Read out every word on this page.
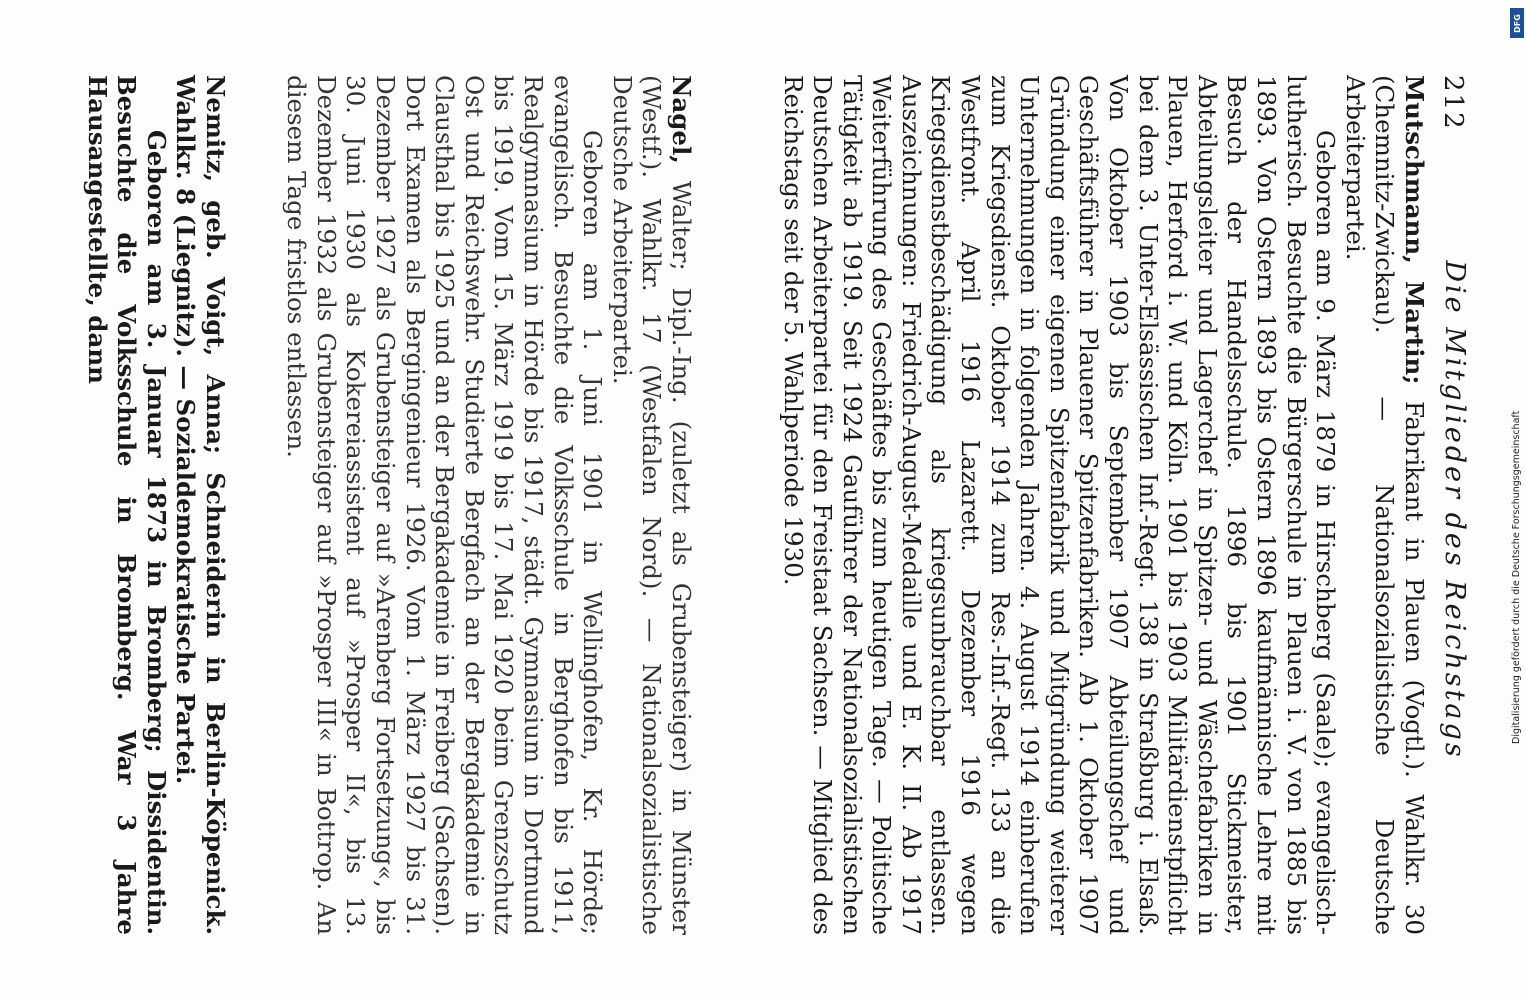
212
Die Mitglieder des Reichstags

Mutschmann, Martin; Fabrikant in Plauen (Vogtl.). Wahlkr. 30 (Chemnitz-Zwickau). — Nationalsozialistische Deutsche Arbeiterpartei.

Geboren am 9. März 1879 in Hirschberg (Saale); evangelisch-lutherisch. Besuchte die Bürgerschule in Plauen i. V. von 1885 bis 1893. Von Ostern 1893 bis Ostern 1896 kaufmännische Lehre mit Besuch der Handelsschule. 1896 bis 1901 Stickmeister, Abteilungsleiter und Lagerchef in Spitzen- und Wäschefabriken in Plauen, Herford i. W. und Köln. 1901 bis 1903 Militärdienstpflicht bei dem 3. Unter-Elsässischen Inf.-Regt. 138 in Straßburg i. Elsaß. Von Oktober 1903 bis September 1907 Abteilungschef und Geschäftsführer in Plauener Spitzenfabriken. Ab 1. Oktober 1907 Gründung einer eigenen Spitzenfabrik und Mitgründung weiterer Unternehmungen in folgenden Jahren. 4. August 1914 einberufen zum Kriegsdienst. Oktober 1914 zum Res.-Inf.-Regt. 133 an die Westfront. April 1916 Lazarett. Dezember 1916 wegen Kriegsdienstbeschädigung als kriegsunbrauchbar entlassen. Auszeichnungen: Friedrich-August-Medaille und E. K. II. Ab 1917 Weiterführung des Geschäftes bis zum heutigen Tage. — Politische Tätigkeit ab 1919. Seit 1924 Gauführer der Nationalsozialistischen Deutschen Arbeiterpartei für den Freistaat Sachsen. — Mitglied des Reichstags seit der 5. Wahlperiode 1930.

Nagel, Walter; Dipl.-Ing. (zuletzt als Grubensteiger) in Münster (Westf.). Wahlkr. 17 (Westfalen Nord). — Nationalsozialistische Deutsche Arbeiterpartei.

Geboren am 1. Juni 1901 in Wellinghofen, Kr. Hörde; evangelisch. Besuchte die Volksschule in Berghofen bis 1911, Realgymnasium in Hörde bis 1917, städt. Gymnasium in Dortmund bis 1919. Vom 15. März 1919 bis 17. Mai 1920 beim Grenzschutz Ost und Reichswehr. Studierte Bergfach an der Bergakademie in Clausthal bis 1925 und an der Bergakademie in Freiberg (Sachsen). Dort Examen als Bergingenieur 1926. Vom 1. März 1927 bis 31. Dezember 1927 als Grubensteiger auf »Arenberg Fortsetzung«, bis 30. Juni 1930 als Kokereiassistent auf »Prosper II«, bis 13. Dezember 1932 als Grubensteiger auf »Prosper III« in Bottrop. An diesem Tage fristlos entlassen.

Nemitz, geb. Voigt, Anna; Schneiderin in Berlin-Köpenick. Wahlkr. 8 (Liegnitz). — Sozialdemokratische Partei.

Geboren am 3. Januar 1873 in Bromberg; Dissidentin. Besuchte die Volksschule in Bromberg. War 3 Jahre Hausangestellte, dann

DFG
Digitalisierung gefördert durch die Deutsche Forschungsgemeinschaft
